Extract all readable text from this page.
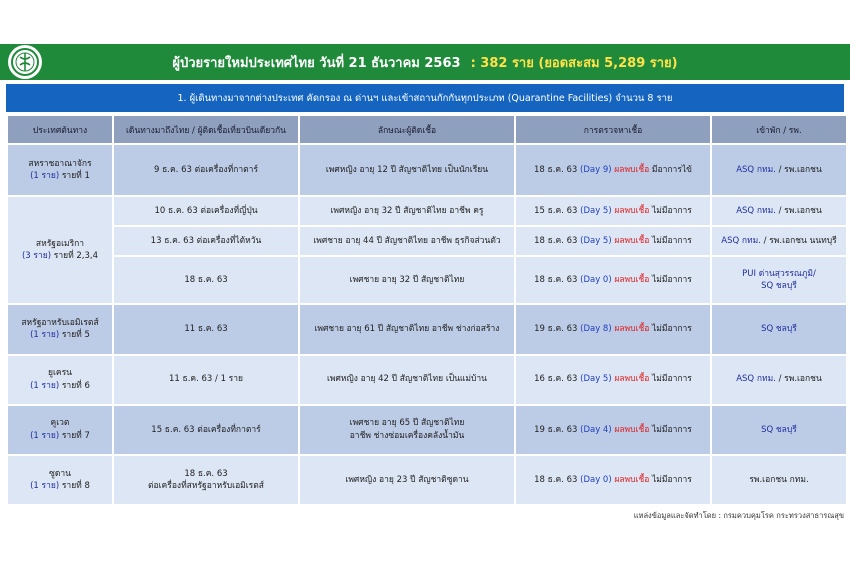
ผู้ป่วยรายใหม่ประเทศไทย วันที่ 21 ธันวาคม 2563 : 382 ราย (ยอดสะสม 5,289 ราย)
1. ผู้เดินทางมาจากต่างประเทศ คัดกรอง ณ ด่านฯ และเข้าสถานกักกันทุกประเภท (Quarantine Facilities) จำนวน 8 ราย
ประเทศต้นทาง	เดินทางมาถึงไทย / ผู้ติดเชื้อเที่ยวบินเดียวกัน	ลักษณะผู้ติดเชื้อ	การตรวจหาเชื้อ	เข้าพัก / รพ.
สหราชอาณาจักร
(1 ราย) รายที่ 1	9 ธ.ค. 63 ต่อเครื่องที่กาตาร์	เพศหญิง อายุ 12 ปี สัญชาติไทย เป็นนักเรียน	18 ธ.ค. 63 (Day 9) ผลพบเชื้อ มีอาการไข้	ASQ กทม. / รพ.เอกชน
สหรัฐอเมริกา
(3 ราย) รายที่ 2,3,4	10 ธ.ค. 63 ต่อเครื่องที่ญี่ปุ่น	เพศหญิง อายุ 32 ปี สัญชาติไทย อาชีพ ครู	15 ธ.ค. 63 (Day 5) ผลพบเชื้อ ไม่มีอาการ	ASQ กทม. / รพ.เอกชน
	13 ธ.ค. 63 ต่อเครื่องที่ไต้หวัน	เพศชาย อายุ 44 ปี สัญชาติไทย อาชีพ ธุรกิจส่วนตัว	18 ธ.ค. 63 (Day 5) ผลพบเชื้อ ไม่มีอาการ	ASQ กทม. / รพ.เอกชน นนทบุรี
	18 ธ.ค. 63	เพศชาย อายุ 32 ปี สัญชาติไทย	18 ธ.ค. 63 (Day 0) ผลพบเชื้อ ไม่มีอาการ	PUI ด่านสุวรรณภูมิ/
SQ ชลบุรี
สหรัฐอาหรับเอมิเรตส์
(1 ราย) รายที่ 5	11 ธ.ค. 63	เพศชาย อายุ 61 ปี สัญชาติไทย อาชีพ ช่างก่อสร้าง	19 ธ.ค. 63 (Day 8) ผลพบเชื้อ ไม่มีอาการ	SQ ชลบุรี
ยูเครน
(1 ราย) รายที่ 6	11 ธ.ค. 63 / 1 ราย	เพศหญิง อายุ 42 ปี สัญชาติไทย เป็นแม่บ้าน	16 ธ.ค. 63 (Day 5) ผลพบเชื้อ ไม่มีอาการ	ASQ กทม. / รพ.เอกชน
คูเวต
(1 ราย) รายที่ 7	15 ธ.ค. 63 ต่อเครื่องที่กาตาร์	เพศชาย อายุ 65 ปี สัญชาติไทย
อาชีพ ช่างซ่อมเครื่องคลังน้ำมัน	19 ธ.ค. 63 (Day 4) ผลพบเชื้อ ไม่มีอาการ	SQ ชลบุรี
ซูดาน
(1 ราย) รายที่ 8	18 ธ.ค. 63
ต่อเครื่องที่สหรัฐอาหรับเอมิเรตส์	เพศหญิง อายุ 23 ปี สัญชาติซูดาน	18 ธ.ค. 63 (Day 0) ผลพบเชื้อ ไม่มีอาการ	รพ.เอกชน กทม.
แหล่งข้อมูลและจัดทำโดย : กรมควบคุมโรค กระทรวงสาธารณสุข
